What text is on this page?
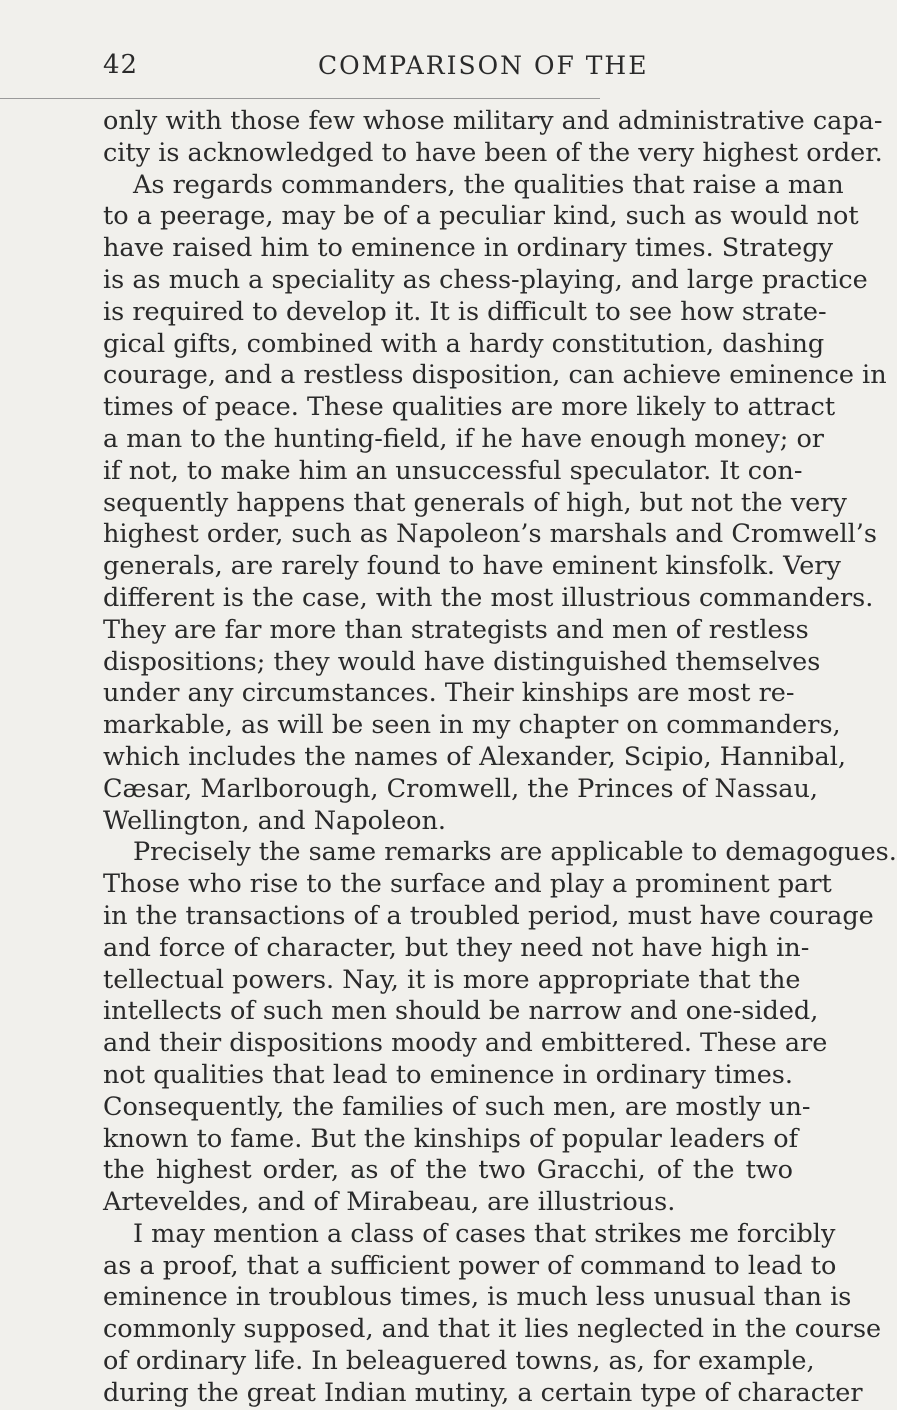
42	COMPARISON OF THE
only with those few whose military and administrative capa-
city is acknowledged to have been of the very highest order.
As regards commanders, the qualities that raise a man
to a peerage, may be of a peculiar kind, such as would not
have raised him to eminence in ordinary times. Strategy
is as much a speciality as chess-playing, and large practice
is required to develop it. It is difficult to see how strate-
gical gifts, combined with a hardy constitution, dashing
courage, and a restless disposition, can achieve eminence in
times of peace. These qualities are more likely to attract
a man to the hunting-field, if he have enough money; or
if not, to make him an unsuccessful speculator. It con-
sequently happens that generals of high, but not the very
highest order, such as Napoleon’s marshals and Cromwell’s
generals, are rarely found to have eminent kinsfolk. Very
different is the case, with the most illustrious commanders.
They are far more than strategists and men of restless
dispositions; they would have distinguished themselves
under any circumstances. Their kinships are most re-
markable, as will be seen in my chapter on commanders,
which includes the names of Alexander, Scipio, Hannibal,
Cæsar, Marlborough, Cromwell, the Princes of Nassau,
Wellington, and Napoleon.
Precisely the same remarks are applicable to demagogues.
Those who rise to the surface and play a prominent part
in the transactions of a troubled period, must have courage
and force of character, but they need not have high in-
tellectual powers. Nay, it is more appropriate that the
intellects of such men should be narrow and one-sided,
and their dispositions moody and embittered. These are
not qualities that lead to eminence in ordinary times.
Consequently, the families of such men, are mostly un-
known to fame. But the kinships of popular leaders of
the highest order, as of the two Gracchi, of the two
Arteveldes, and of Mirabeau, are illustrious.
I may mention a class of cases that strikes me forcibly
as a proof, that a sufficient power of command to lead to
eminence in troublous times, is much less unusual than is
commonly supposed, and that it lies neglected in the course
of ordinary life. In beleaguered towns, as, for example,
during the great Indian mutiny, a certain type of character
